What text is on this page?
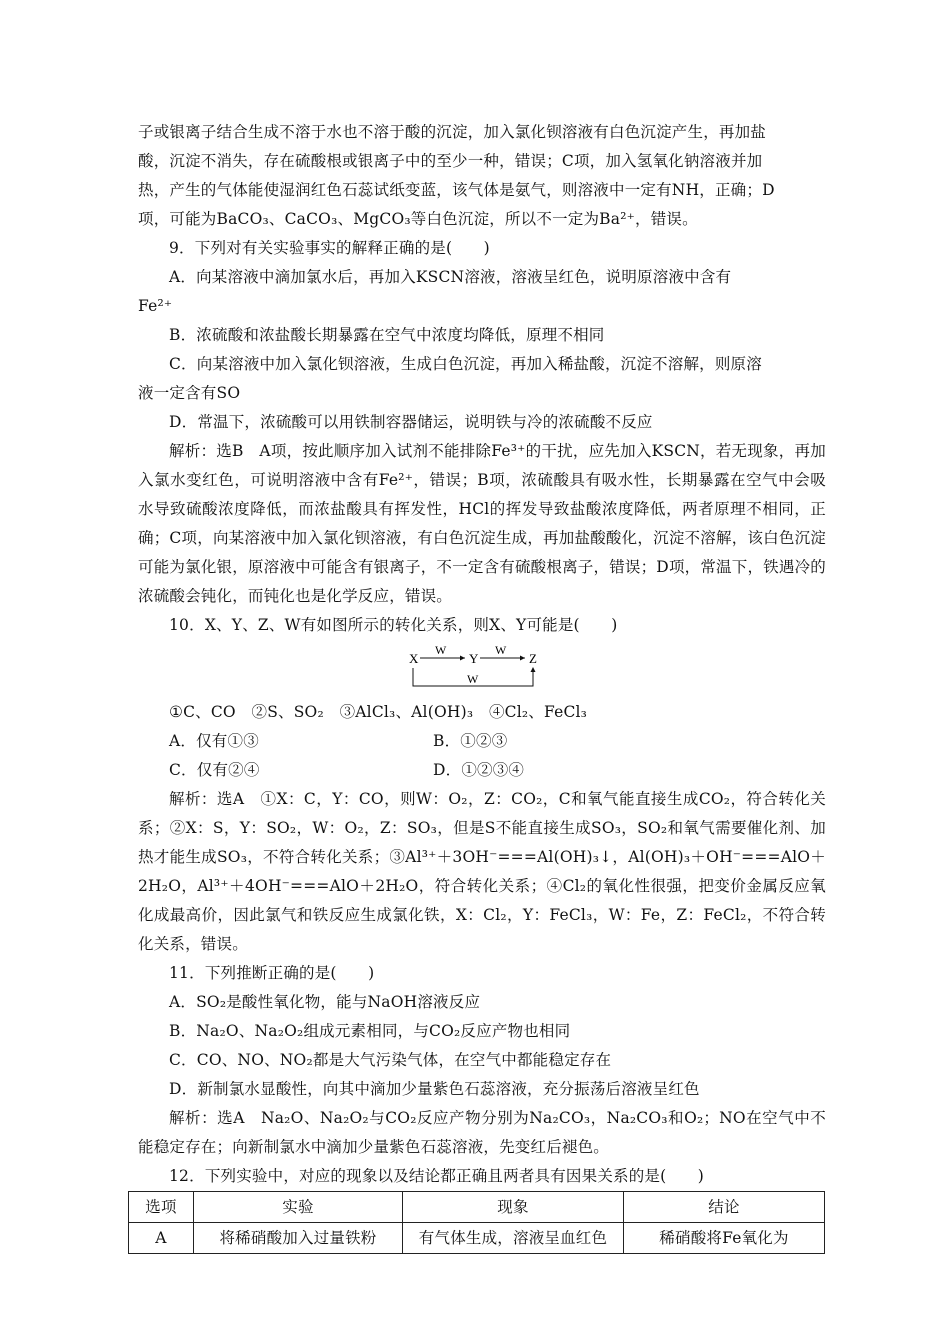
子或银离子结合生成不溶于水也不溶于酸的沉淀，加入氯化钡溶液有白色沉淀产生，再加盐

酸，沉淀不消失，存在硫酸根或银离子中的至少一种，错误；C项，加入氢氧化钠溶液并加

热，产生的气体能使湿润红色石蕊试纸变蓝，该气体是氨气，则溶液中一定有NH，正确；D

项，可能为BaCO₃、CaCO₃、MgCO₃等白色沉淀，所以不一定为Ba²⁺，错误。

9．下列对有关实验事实的解释正确的是(　　)

A．向某溶液中滴加氯水后，再加入KSCN溶液，溶液呈红色，说明原溶液中含有

Fe²⁺

B．浓硫酸和浓盐酸长期暴露在空气中浓度均降低，原理不相同

C．向某溶液中加入氯化钡溶液，生成白色沉淀，再加入稀盐酸，沉淀不溶解，则原溶

液一定含有SO

D．常温下，浓硫酸可以用铁制容器储运，说明铁与冷的浓硫酸不反应

解析：选B　A项，按此顺序加入试剂不能排除Fe³⁺的干扰，应先加入KSCN，若无现象，再加入氯水变红色，可说明溶液中含有Fe²⁺，错误；B项，浓硫酸具有吸水性，长期暴露在空气中会吸水导致硫酸浓度降低，而浓盐酸具有挥发性，HCl的挥发导致盐酸浓度降低，两者原理不相同，正确；C项，向某溶液中加入氯化钡溶液，有白色沉淀生成，再加盐酸酸化，沉淀不溶解，该白色沉淀可能为氯化银，原溶液中可能含有银离子，不一定含有硫酸根离子，错误；D项，常温下，铁遇冷的浓硫酸会钝化，而钝化也是化学反应，错误。

10．X、Y、Z、W有如图所示的转化关系，则X、Y可能是(　　)

X	Y	Z
W	W
W

①C、CO　②S、SO₂　③AlCl₃、Al(OH)₃　④Cl₂、FeCl₃

A．仅有①③	B．①②③
C．仅有②④	D．①②③④

解析：选A　①X：C，Y：CO，则W：O₂，Z：CO₂，C和氧气能直接生成CO₂，符合转化关系；②X：S，Y：SO₂，W：O₂，Z：SO₃，但是S不能直接生成SO₃，SO₂和氧气需要催化剂、加热才能生成SO₃，不符合转化关系；③Al³⁺＋3OH⁻===Al(OH)₃↓，Al(OH)₃＋OH⁻===AlO＋2H₂O，Al³⁺＋4OH⁻===AlO＋2H₂O，符合转化关系；④Cl₂的氧化性很强，把变价金属反应氧化成最高价，因此氯气和铁反应生成氯化铁，X：Cl₂，Y：FeCl₃，W：Fe，Z：FeCl₂，不符合转化关系，错误。

11．下列推断正确的是(　　)

A．SO₂是酸性氧化物，能与NaOH溶液反应

B．Na₂O、Na₂O₂组成元素相同，与CO₂反应产物也相同

C．CO、NO、NO₂都是大气污染气体，在空气中都能稳定存在

D．新制氯水显酸性，向其中滴加少量紫色石蕊溶液，充分振荡后溶液呈红色

解析：选A　Na₂O、Na₂O₂与CO₂反应产物分别为Na₂CO₃，Na₂CO₃和O₂；NO在空气中不能稳定存在；向新制氯水中滴加少量紫色石蕊溶液，先变红后褪色。

12．下列实验中，对应的现象以及结论都正确且两者具有因果关系的是(　　)

选项	实验	现象	结论
A	将稀硝酸加入过量铁粉	有气体生成，溶液呈血红色	稀硝酸将Fe氧化为
